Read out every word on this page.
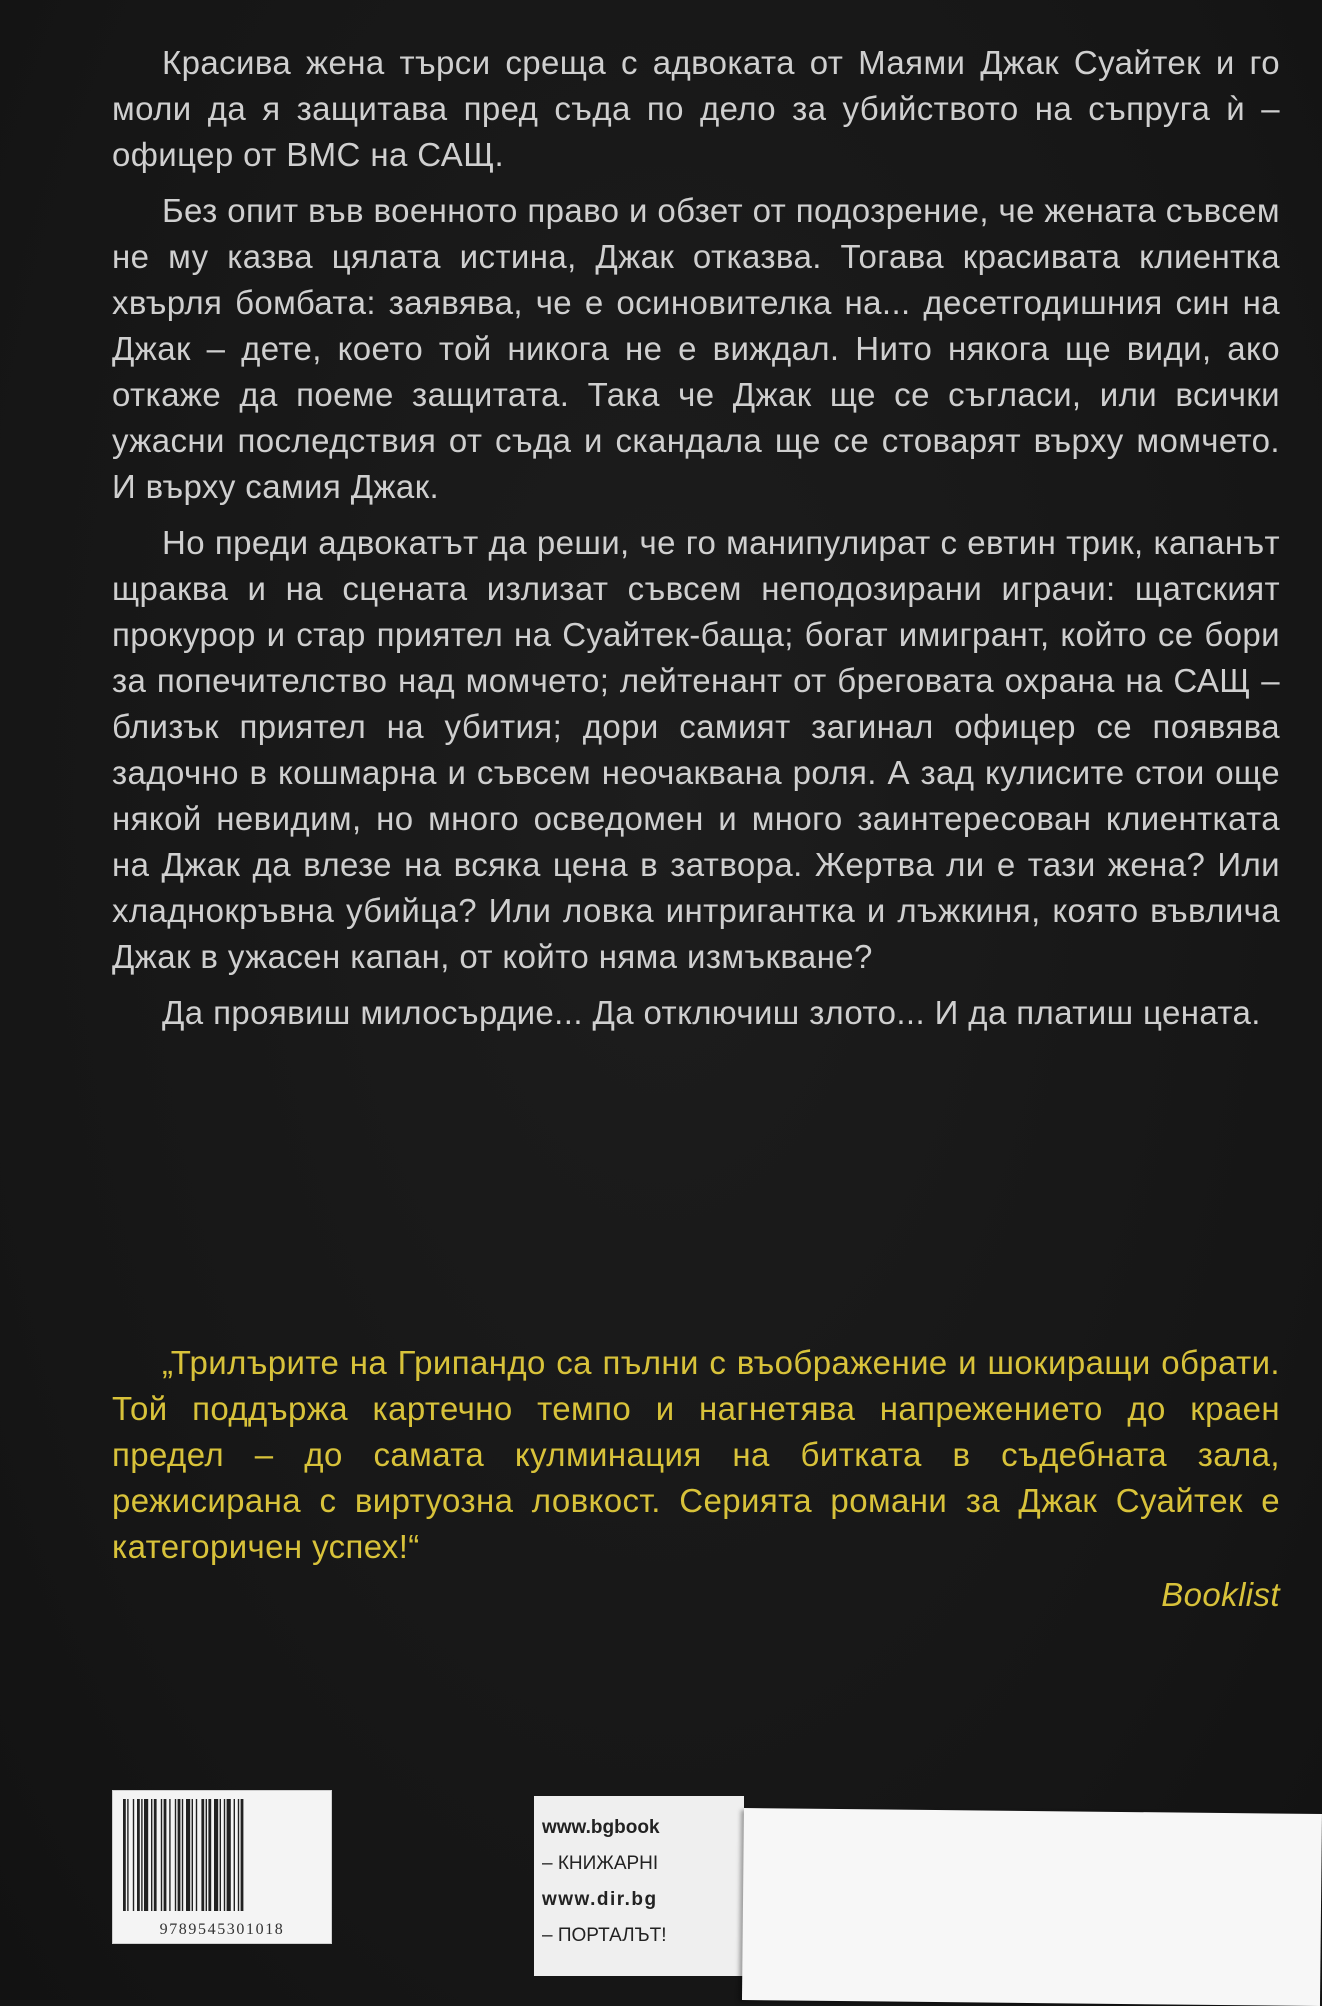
Красива жена търси среща с адвоката от Маями Джак Суайтек и го моли да я защитава пред съда по дело за убийството на съпруга ѝ – офицер от ВМС на САЩ.

Без опит във военното право и обзет от подозрение, че жената съвсем не му казва цялата истина, Джак отказва. Тогава красивата клиентка хвърля бомбата: заявява, че е осиновителка на... десетгодишния син на Джак – дете, което той никога не е виждал. Нито някога ще види, ако откаже да поеме защитата. Така че Джак ще се съгласи, или всички ужасни последствия от съда и скандала ще се стоварят върху момчето. И върху самия Джак.

Но преди адвокатът да реши, че го манипулират с евтин трик, капанът щраква и на сцената излизат съвсем неподозирани играчи: щатският прокурор и стар приятел на Суайтек-баща; богат имигрант, който се бори за попечителство над момчето; лейтенант от бреговата охрана на САЩ – близък приятел на убития; дори самият загинал офицер се появява задочно в кошмарна и съвсем неочаквана роля. А зад кулисите стои още някой невидим, но много осведомен и много заинтересован клиентката на Джак да влезе на всяка цена в затвора. Жертва ли е тази жена? Или хладнокръвна убийца? Или ловка интригантка и лъжкиня, която въвлича Джак в ужасен капан, от който няма измъкване?

Да проявиш милосърдие... Да отключиш злото... И да платиш цената.

„Трилърите на Грипандо са пълни с въображение и шокиращи обрати. Той поддържа картечно темпо и нагнетява напрежението до краен предел – до самата кулминация на битката в съдебната зала, режисирана с виртуозна ловкост. Серията романи за Джак Суайтек е категоричен успех!“

Booklist
9789545301018
www.bgbook
– КНИЖАРНІ
www.dir.bg
– ПОРТАЛЪТ!
